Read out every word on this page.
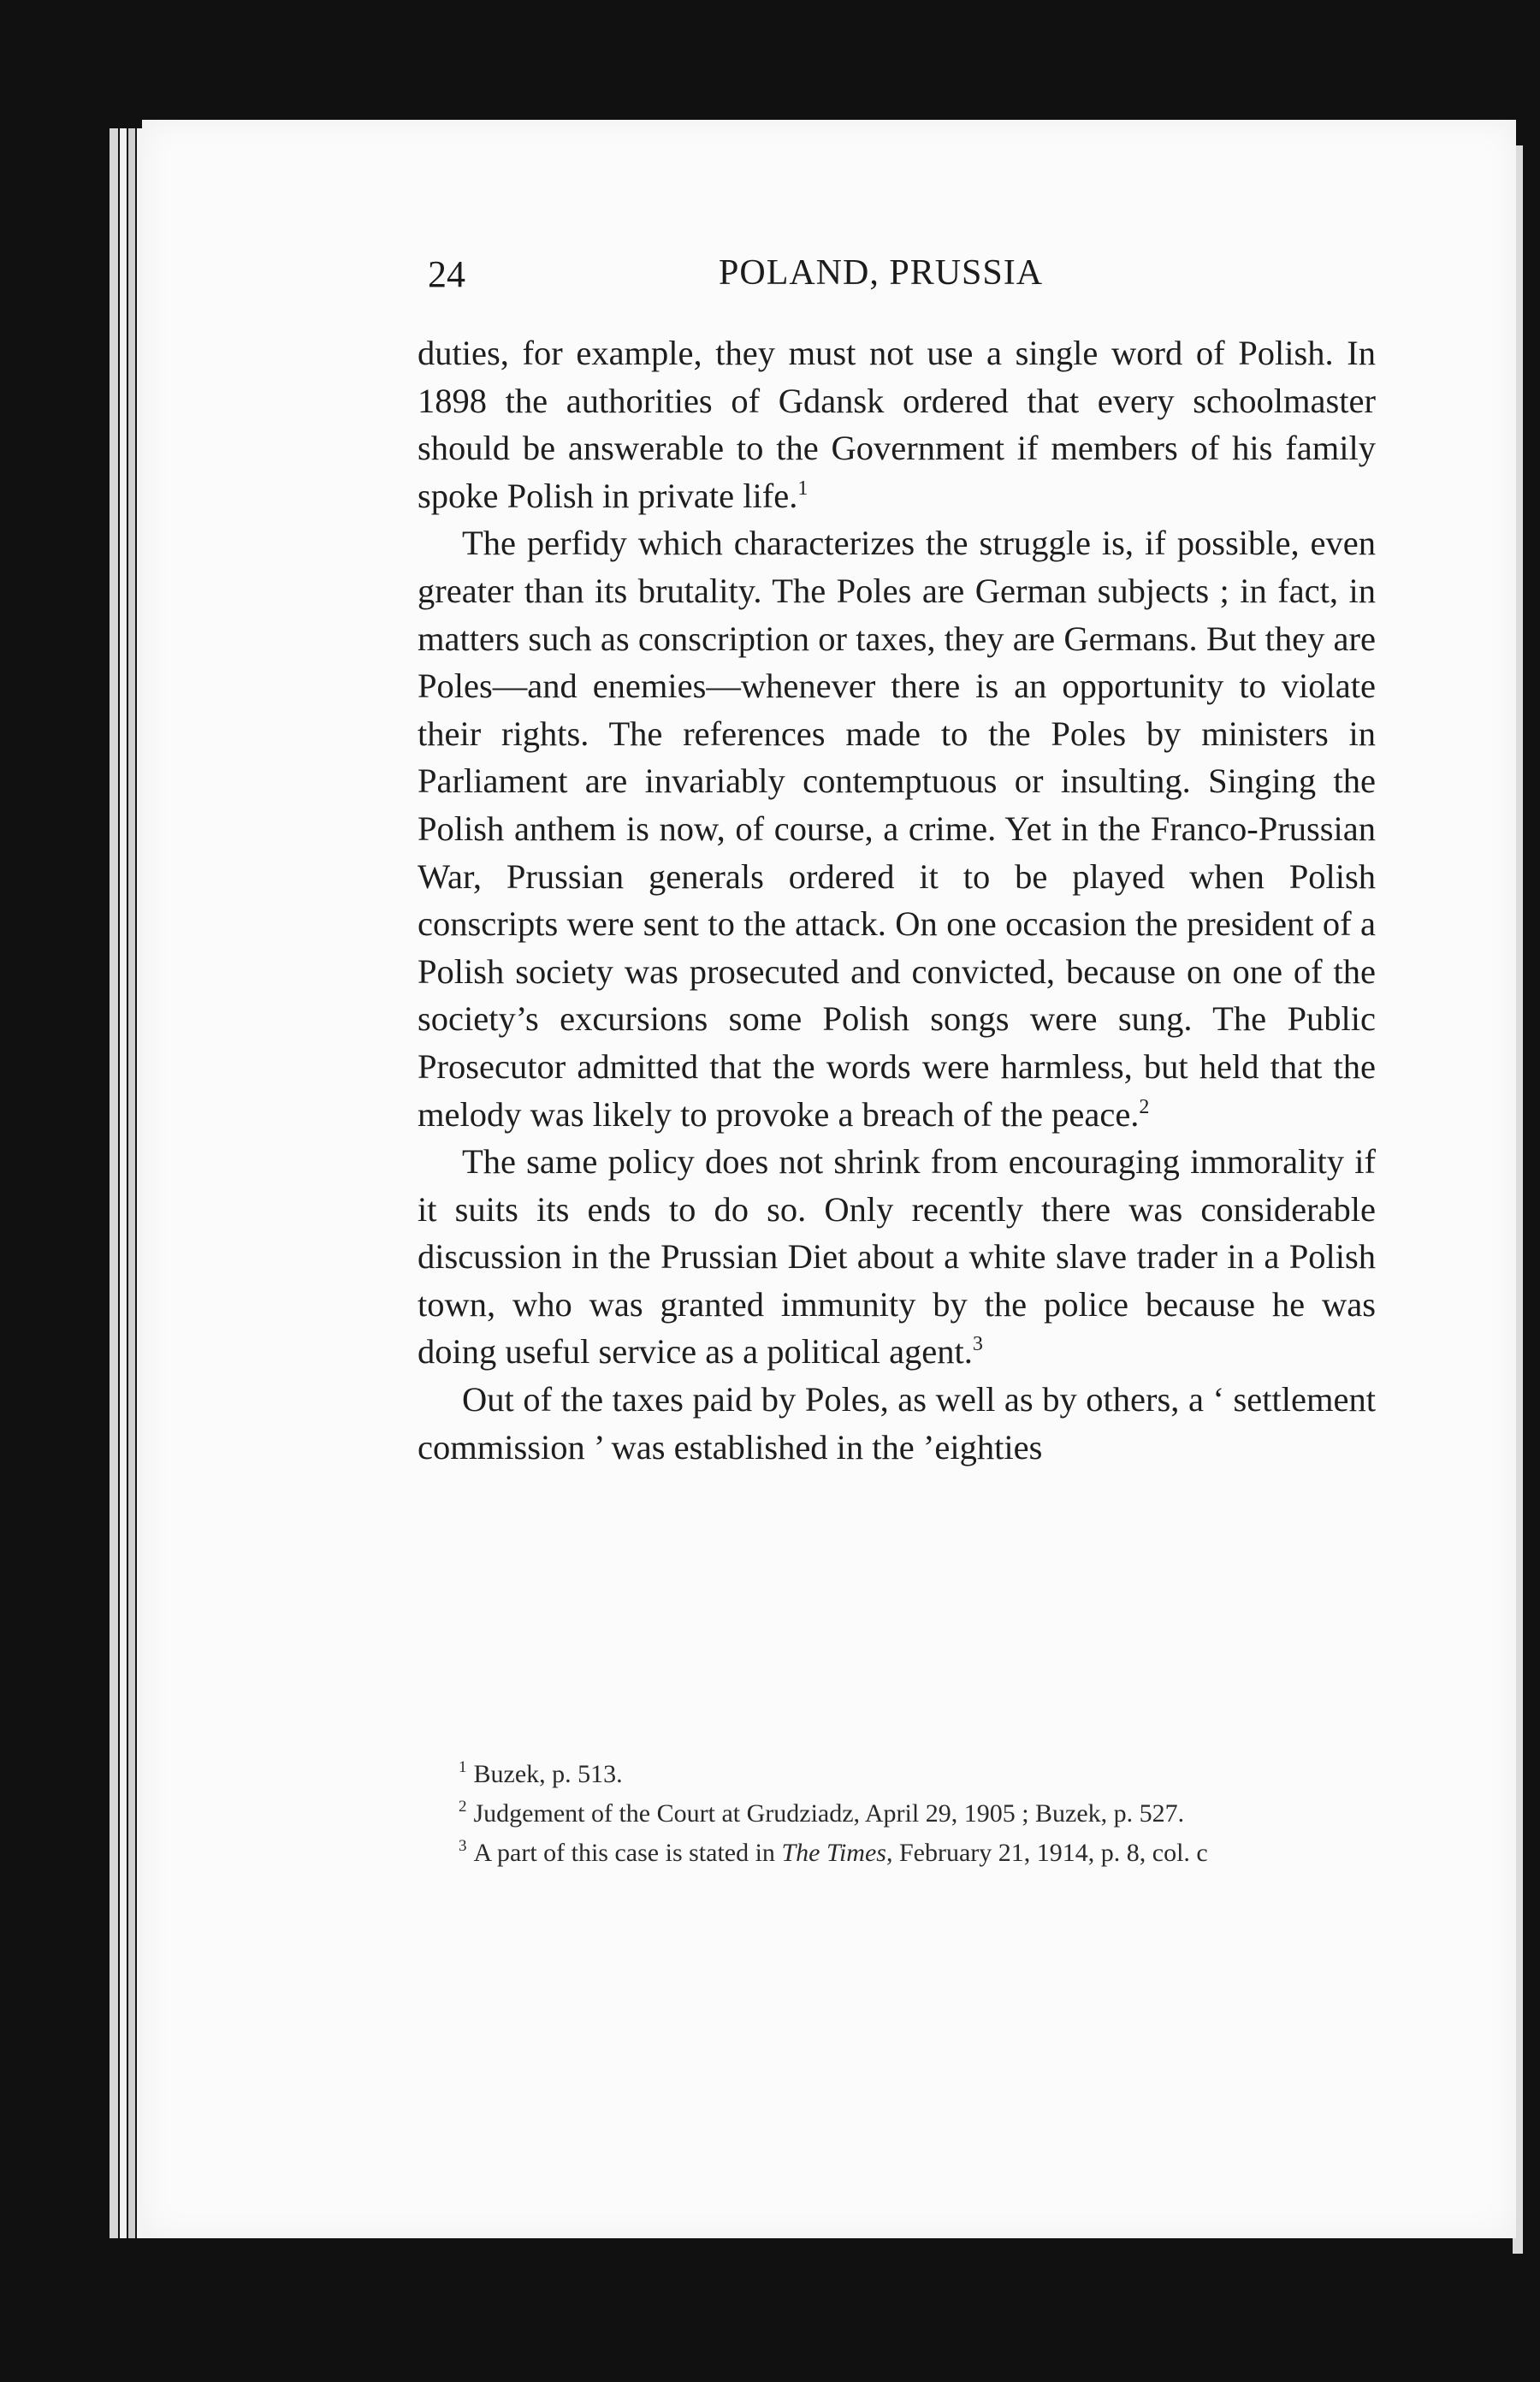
24	POLAND, PRUSSIA

duties, for example, they must not use a single word of Polish. In 1898 the authorities of Gdansk ordered that every schoolmaster should be answerable to the Government if members of his family spoke Polish in private life.$^1$

The perfidy which characterizes the struggle is, if possible, even greater than its brutality. The Poles are German subjects ; in fact, in matters such as conscription or taxes, they are Germans. But they are Poles—and enemies—whenever there is an opportunity to violate their rights. The references made to the Poles by ministers in Parliament are invariably contemptuous or insulting. Singing the Polish anthem is now, of course, a crime. Yet in the Franco-Prussian War, Prussian generals ordered it to be played when Polish conscripts were sent to the attack. On one occasion the president of a Polish society was prosecuted and convicted, because on one of the society’s excursions some Polish songs were sung. The Public Prosecutor admitted that the words were harmless, but held that the melody was likely to provoke a breach of the peace.$^2$

The same policy does not shrink from encouraging immorality if it suits its ends to do so. Only recently there was considerable discussion in the Prussian Diet about a white slave trader in a Polish town, who was granted immunity by the police because he was doing useful service as a political agent.$^3$

Out of the taxes paid by Poles, as well as by others, a ‘ settlement commission ’ was established in the ’eighties

$^1$ Buzek, p. 513.

$^2$ Judgement of the Court at Grudziadz, April 29, 1905 ; Buzek, p. 527.

$^3$ A part of this case is stated in The Times, February 21, 1914, p. 8, col. c
